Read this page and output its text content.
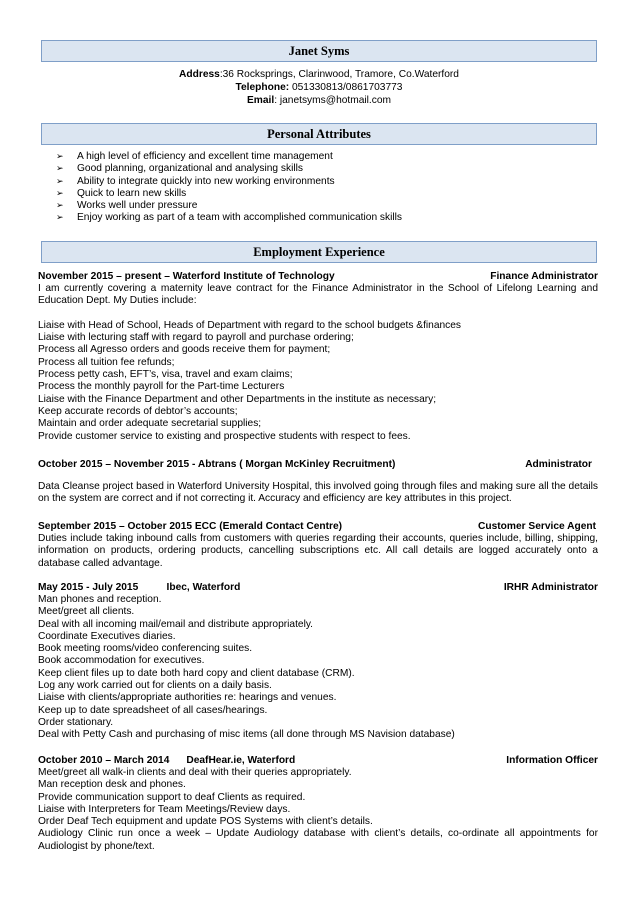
Janet Syms
Address:36 Rocksprings, Clarinwood, Tramore, Co.Waterford
Telephone: 051330813/0861703773
Email: janetsyms@hotmail.com
Personal Attributes
➢ A high level of efficiency and excellent time management
➢ Good planning, organizational and analysing skills
➢ Ability to integrate quickly into new working environments
➢ Quick to learn new skills
➢ Works well under pressure
➢ Enjoy working as part of a team with accomplished communication skills
Employment Experience
November 2015 – present – Waterford Institute of Technology	Finance Administrator
I am currently covering a maternity leave contract for the Finance Administrator in the School of Lifelong Learning and Education Dept. My Duties include:
Liaise with Head of School, Heads of Department with regard to the school budgets &finances
Liaise with lecturing staff with regard to payroll and purchase ordering;
Process all Agresso orders and goods receive them for payment;
Process all tuition fee refunds;
Process petty cash, EFT’s, visa, travel and exam claims;
Process the monthly payroll for the Part-time Lecturers
Liaise with the Finance Department and other Departments in the institute as necessary;
Keep accurate records of debtor’s accounts;
Maintain and order adequate secretarial supplies;
Provide customer service to existing and prospective students with respect to fees.
October 2015 – November 2015 - Abtrans ( Morgan McKinley Recruitment)	Administrator
Data Cleanse project based in Waterford University Hospital, this involved going through files and making sure all the details on the system are correct and if not correcting it. Accuracy and efficiency are key attributes in this project.
September 2015 – October 2015 ECC (Emerald Contact Centre)	Customer Service Agent
Duties include taking inbound calls from customers with queries regarding their accounts, queries include, billing, shipping, information on products, ordering products, cancelling subscriptions etc. All call details are logged accurately onto a database called advantage.
May 2015 - July 2015          Ibec, Waterford	IRHR Administrator
Man phones and reception.
Meet/greet all clients.
Deal with all incoming mail/email and distribute appropriately.
Coordinate Executives diaries.
Book meeting rooms/video conferencing suites.
Book accommodation for executives.
Keep client files up to date both hard copy and client database (CRM).
Log any work carried out for clients on a daily basis.
Liaise with clients/appropriate authorities re: hearings and venues.
Keep up to date spreadsheet of all cases/hearings.
Order stationary.
Deal with Petty Cash and purchasing of misc items (all done through MS Navision database)
October 2010 – March 2014      DeafHear.ie, Waterford	Information Officer
Meet/greet all walk-in clients and deal with their queries appropriately.
Man reception desk and phones.
Provide communication support to deaf Clients as required.
Liaise with Interpreters for Team Meetings/Review days.
Order Deaf Tech equipment and update POS Systems with client’s details.
Audiology Clinic run once a week – Update Audiology database with client’s details, co-ordinate all appointments for Audiologist by phone/text.
